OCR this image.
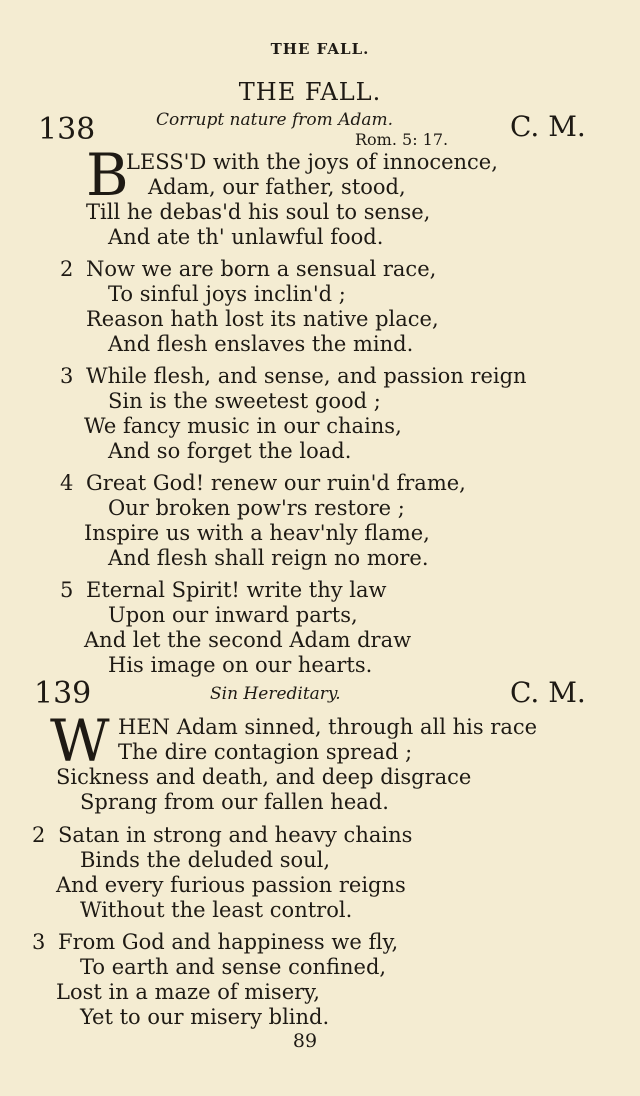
THE FALL.
THE FALL.
138	Corrupt nature from Adam.
Rom. 5: 17. C. M.
B
LESS'D with the joys of innocence,
Adam, our father, stood,
Till he debas'd his soul to sense,
And ate th' unlawful food.
2 Now we are born a sensual race,
To sinful joys inclin'd ;
Reason hath lost its native place,
And flesh enslaves the mind.
3 While flesh, and sense, and passion reign
Sin is the sweetest good ;
We fancy music in our chains,
And so forget the load.
4 Great God! renew our ruin'd frame,
Our broken pow'rs restore ;
Inspire us with a heav'nly flame,
And flesh shall reign no more.
5 Eternal Spirit! write thy law
Upon our inward parts,
And let the second Adam draw
His image on our hearts.
139	Sin Hereditary.	C. M.
W HEN Adam sinned, through all his race
The dire contagion spread ;
Sickness and death, and deep disgrace
Sprang from our fallen head.
2 Satan in strong and heavy chains
Binds the deluded soul,
And every furious passion reigns
Without the least control.
3 From God and happiness we fly,
To earth and sense confined,
Lost in a maze of misery,
Yet to our misery blind.
89
